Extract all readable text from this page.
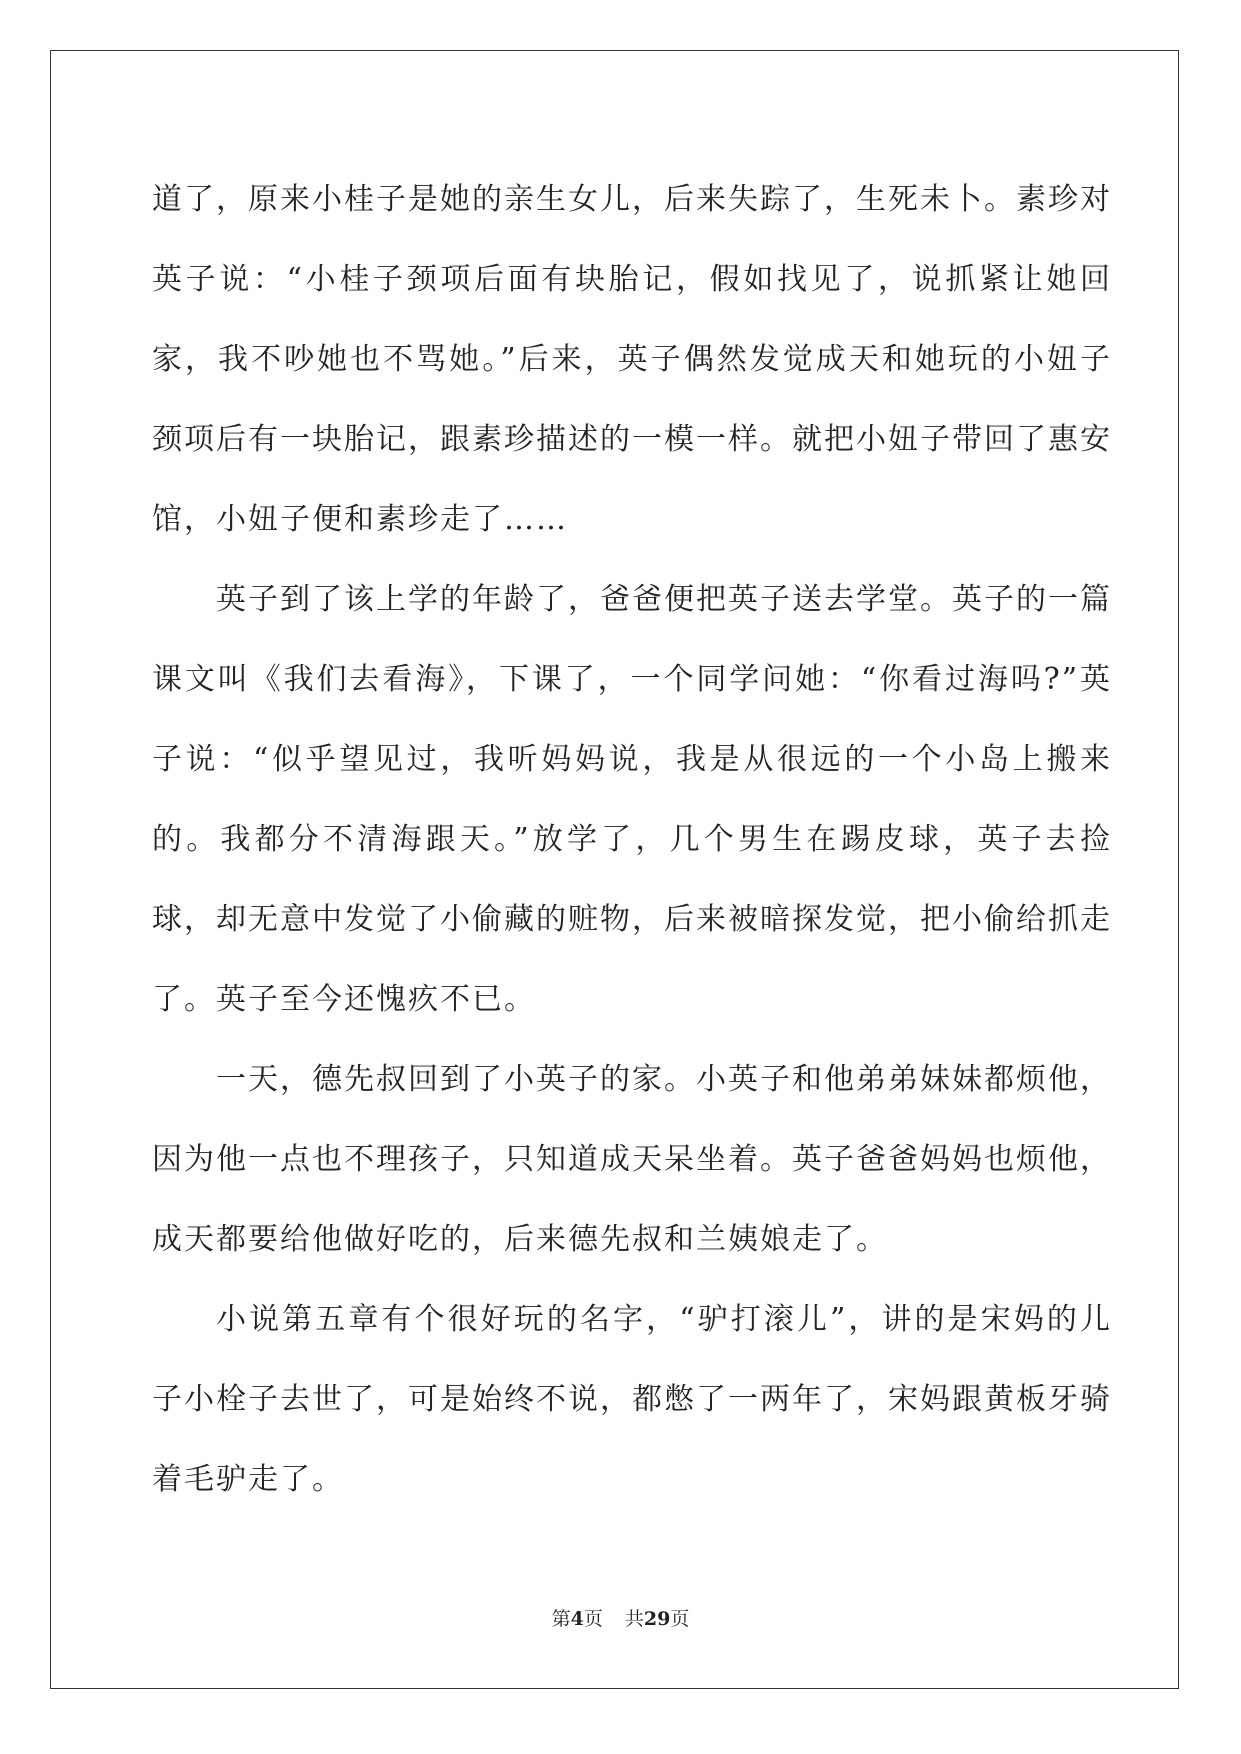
道了，原来小桂子是她的亲生女儿，后来失踪了，生死未卜。素珍对英子说：“小桂子颈项后面有块胎记，假如找见了，说抓紧让她回家，我不吵她也不骂她。”后来，英子偶然发觉成天和她玩的小妞子颈项后有一块胎记，跟素珍描述的一模一样。就把小妞子带回了惠安馆，小妞子便和素珍走了……

英子到了该上学的年龄了，爸爸便把英子送去学堂。英子的一篇课文叫《我们去看海》，下课了，一个同学问她：“你看过海吗?”英子说：“似乎望见过，我听妈妈说，我是从很远的一个小岛上搬来的。我都分不清海跟天。”放学了，几个男生在踢皮球，英子去捡球，却无意中发觉了小偷藏的赃物，后来被暗探发觉，把小偷给抓走了。英子至今还愧疚不已。

一天，德先叔回到了小英子的家。小英子和他弟弟妹妹都烦他，因为他一点也不理孩子，只知道成天呆坐着。英子爸爸妈妈也烦他，成天都要给他做好吃的，后来德先叔和兰姨娘走了。

小说第五章有个很好玩的名字，“驴打滚儿”，讲的是宋妈的儿子小栓子去世了，可是始终不说，都憋了一两年了，宋妈跟黄板牙骑着毛驴走了。

第4页 共29页
